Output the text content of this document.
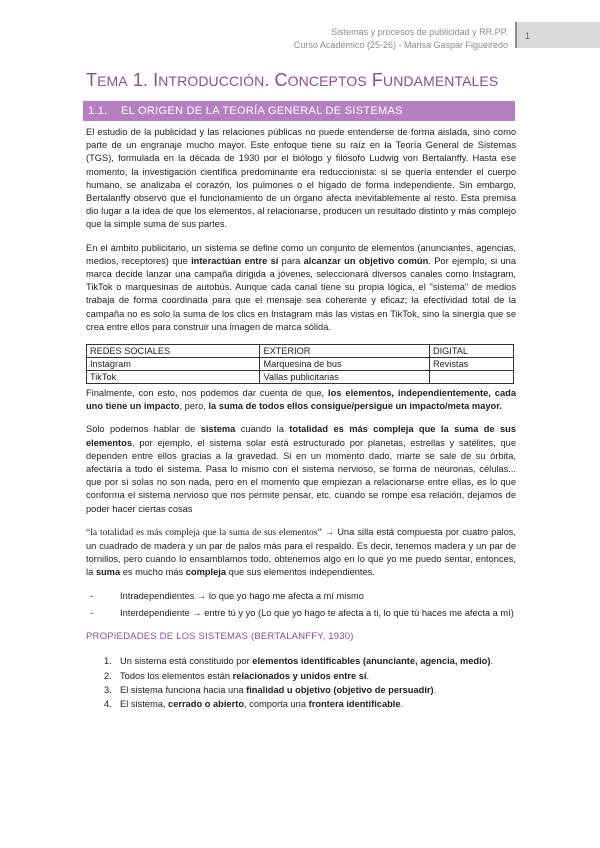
Sistemas y procesos de publicidad y RR.PP.
Curso Académico (25-26) - Marisa Gaspar Figueiredo
1
TEMA 1. INTRODUCCIÓN. CONCEPTOS FUNDAMENTALES
1.1. EL ORIGEN DE LA TEORÍA GENERAL DE SISTEMAS

El estudio de la publicidad y las relaciones públicas no puede entenderse de forma aislada, sino como parte de un engranaje mucho mayor. Este enfoque tiene su raíz en la Teoría General de Sistemas (TGS), formulada en la década de 1930 por el biólogo y filósofo Ludwig von Bertalanffy. Hasta ese momento, la investigación científica predominante era reduccionista: si se quería entender el cuerpo humano, se analizaba el corazón, los pulmones o el hígado de forma independiente. Sin embargo, Bertalanffy observó que el funcionamiento de un órgano afecta inevitablemente al resto. Esta premisa dio lugar a la idea de que los elementos, al relacionarse, producen un resultado distinto y más complejo que la simple suma de sus partes.

En el ámbito publicitario, un sistema se define como un conjunto de elementos (anunciantes, agencias, medios, receptores) que interactúan entre sí para alcanzar un objetivo común. Por ejemplo, si una marca decide lanzar una campaña dirigida a jóvenes, seleccionará diversos canales como Instagram, TikTok o marquesinas de autobús. Aunque cada canal tiene su propia lógica, el "sistema" de medios trabaja de forma coordinada para que el mensaje sea coherente y eficaz; la efectividad total de la campaña no es solo la suma de los clics en Instagram más las vistas en TikTok, sino la sinergia que se crea entre ellos para construir una imagen de marca sólida.

REDES SOCIALES	EXTERIOR	DIGITAL
Instagram	Marquesina de bus	Revistas
TikTok	Vallas publicitarias	

Finalmente, con esto, nos podemos dar cuenta de que, los elementos, independientemente, cada uno tiene un impacto, pero, la suma de todos ellos consigue/persigue un impacto/meta mayor.

Solo podemos hablar de sistema cuando la totalidad es más compleja que la suma de sus elementos, por ejemplo, el sistema solar está estructurado por planetas, estrellas y satélites, que dependen entre ellos gracias a la gravedad. Si en un momento dado, marte se sale de su órbita, afectaría a todo el sistema. Pasa lo mismo con el sistema nervioso, se forma de neuronas, células... que por sí solas no son nada, pero en el momento que empiezan a relacionarse entre ellas, es lo que conforma el sistema nervioso que nos permite pensar, etc. cuando se rompe esa relación, dejamos de poder hacer ciertas cosas

“la totalidad es más compleja que la suma de sus elementos” → Una silla está compuesta por cuatro palos, un cuadrado de madera y un par de palos más para el respaldo. Es decir, tenemos madera y un par de tornillos, pero cuando lo ensamblamos todo, obtenemos algo en lo que yo me puedo sentar, entonces, la suma es mucho más compleja que sus elementos independientes.

-	Intradependientes → lo que yo hago me afecta a mí mismo
-	Interdependiente → entre tú y yo (Lo que yo hago te afecta a ti, lo que tú haces me afecta a mí)
PROPIEDADES DE LOS SISTEMAS (BERTALANFFY, 1930)
1. Un sistema está constituido por elementos identificables (anunciante, agencia, medio).
2. Todos los elementos están relacionados y unidos entre sí.
3. El sistema funciona hacia una finalidad u objetivo (objetivo de persuadir).
4. El sistema, cerrado o abierto, comporta una frontera identificable.
